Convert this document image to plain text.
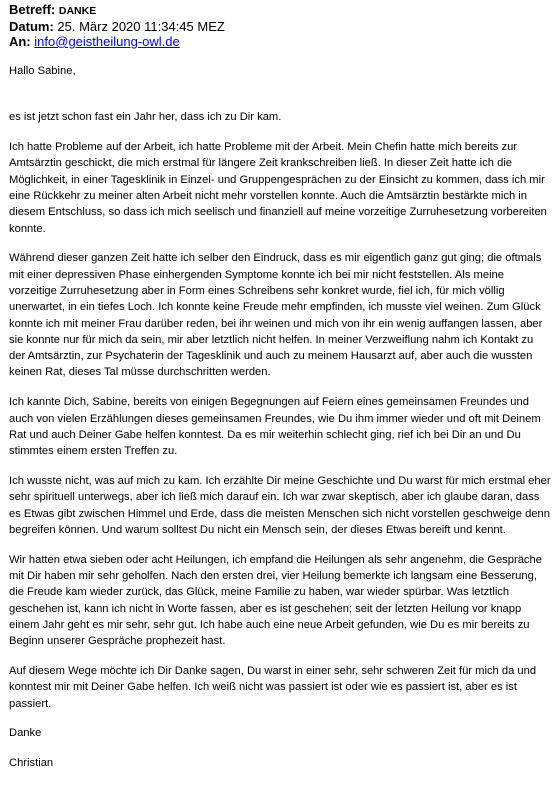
Betreff: DANKE
Datum: 25. März 2020 11:34:45 MEZ
An: info@geistheilung-owl.de

Hallo Sabine,

es ist jetzt schon fast ein Jahr her, dass ich zu Dir kam.

Ich hatte Probleme auf der Arbeit, ich hatte Probleme mit der Arbeit. Mein Chefin hatte mich bereits zur Amtsärztin geschickt, die mich erstmal für längere Zeit krankschreiben ließ. In dieser Zeit hatte ich die Möglichkeit, in einer Tagesklinik in Einzel- und Gruppengesprächen zu der Einsicht zu kommen, dass ich mir eine Rückkehr zu meiner alten Arbeit nicht mehr vorstellen konnte. Auch die Amtsärztin bestärkte mich in diesem Entschluss, so dass ich mich seelisch und finanziell auf meine vorzeitige Zurruhesetzung vorbereiten konnte.

Während dieser ganzen Zeit hatte ich selber den Eindruck, dass es mir eigentlich ganz gut ging; die oftmals mit einer depressiven Phase einhergenden Symptome konnte ich bei mir nicht feststellen. Als meine vorzeitige Zurruhesetzung aber in Form eines Schreibens sehr konkret wurde, fiel ich, für mich völlig unerwartet, in ein tiefes Loch. Ich konnte keine Freude mehr empfinden, ich musste viel weinen. Zum Glück konnte ich mit meiner Frau darüber reden, bei ihr weinen und mich von ihr ein wenig auffangen lassen, aber sie konnte nur für mich da sein, mir aber letztlich nicht helfen. In meiner Verzweiflung nahm ich Kontakt zu der Amtsärztin, zur Psychaterin der Tagesklinik und auch zu meinem Hausarzt auf, aber auch die wussten keinen Rat, dieses Tal müsse durchschritten werden.

Ich kannte Dich, Sabine, bereits von einigen Begegnungen auf Feiern eines gemeinsamen Freundes und auch von vielen Erzählungen dieses gemeinsamen Freundes, wie Du ihm immer wieder und oft mit Deinem Rat und auch Deiner Gabe helfen konntest. Da es mir weiterhin schlecht ging, rief ich bei Dir an und Du stimmtes einem ersten Treffen zu.

Ich wusste nicht, was auf mich zu kam. Ich erzählte Dir meine Geschichte und Du warst für mich erstmal eher sehr spirituell unterwegs, aber ich ließ mich darauf ein. Ich war zwar skeptisch, aber ich glaube daran, dass es Etwas gibt zwischen Himmel und Erde, dass die meisten Menschen sich nicht vorstellen geschweige denn begreifen können. Und warum solltest Du nicht ein Mensch sein, der dieses Etwas bereift und kennt.

Wir hatten etwa sieben oder acht Heilungen, ich empfand die Heilungen als sehr angenehm, die Gespräche mit Dir haben mir sehr geholfen. Nach den ersten drei, vier Heilung bemerkte ich langsam eine Besserung, die Freude kam wieder zurück, das Glück, meine Familie zu haben, war wieder spürbar. Was letztlich geschehen ist, kann ich nicht in Worte fassen, aber es ist geschehen; seit der letzten Heilung vor knapp einem Jahr geht es mir sehr, sehr gut. Ich habe auch eine neue Arbeit gefunden, wie Du es mir bereits zu Beginn unserer Gespräche prophezeit hast.

Auf diesem Wege möchte ich Dir Danke sagen, Du warst in einer sehr, sehr schweren Zeit für mich da und konntest mir mit Deiner Gabe helfen. Ich weiß nicht was passiert ist oder wie es passiert ist, aber es ist passiert.

Danke

Christian
